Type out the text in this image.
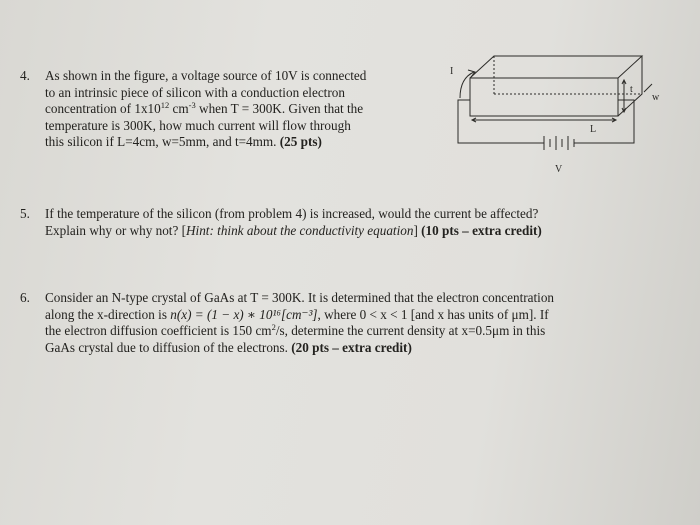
4. As shown in the figure, a voltage source of 10V is connected
to an intrinsic piece of silicon with a conduction electron
concentration of $1x10^{12}$ $cm^{-3}$ when T = 300K. Given that the
temperature is 300K, how much current will flow through
this silicon if L=4cm, w=5mm, and t=4mm. (25 pts)
I
t
w
L
V
5. If the temperature of the silicon (from problem 4) is increased, would the current be affected?
Explain why or why not? [Hint: think about the conductivity equation] (10 pts – extra credit)
6. Consider an N-type crystal of GaAs at T = 300K. It is determined that the electron concentration
along the x-direction is n(x) = (1 − x) ∗ 10¹⁶[cm⁻³], where 0 < x < 1 [and x has units of μm]. If
the electron diffusion coefficient is 150 $cm^2/s$, determine the current density at x=0.5μm in this
GaAs crystal due to diffusion of the electrons. (20 pts – extra credit)
